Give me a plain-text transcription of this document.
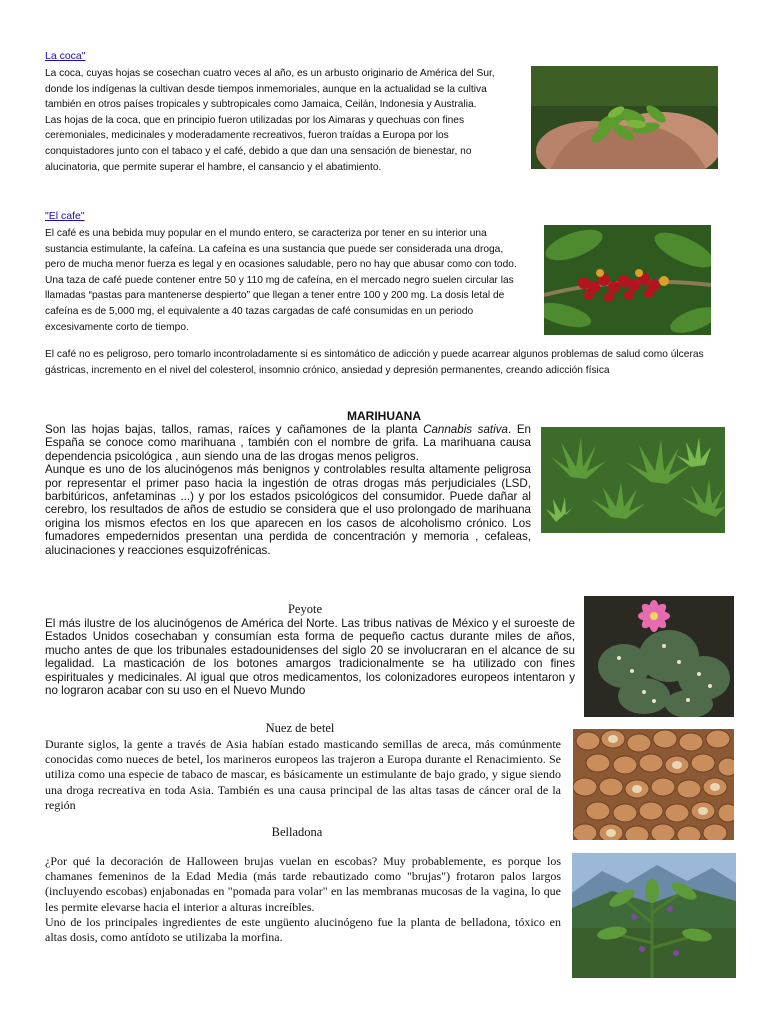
La coca"

La coca, cuyas hojas se cosechan cuatro veces al año, es un arbusto originario de América del Sur, donde los indígenas la cultivan desde tiempos inmemoriales, aunque en la actualidad se la cultiva también en otros países tropicales y subtropicales como Jamaica, Ceilán, Indonesia y Australia.

Las hojas de la coca, que en principio fueron utilizadas por los Aimaras y quechuas con fines ceremoniales, medicinales y moderadamente recreativos, fueron traídas a Europa por los conquistadores junto con el tabaco y el café, debido a que dan una sensación de bienestar, no alucinatoria, que permite superar el hambre, el cansancio y el abatimiento.

"El cafe"

El café es una bebida muy popular en el mundo entero, se caracteriza por tener en su interior una sustancia estimulante, la cafeína. La cafeína es una sustancia que puede ser considerada una droga, pero de mucha menor fuerza es legal y en ocasiones saludable, pero no hay que abusar como con todo.

Una taza de café puede contener entre 50 y 110 mg de cafeína, en el mercado negro suelen circular las llamadas “pastas para mantenerse despierto” que llegan a tener entre 100 y 200 mg. La dosis letal de cafeína es de 5,000 mg, el equivalente a 40 tazas cargadas de café consumidas en un periodo excesivamente corto de tiempo.

El café no es peligroso, pero tomarlo incontroladamente si es sintomático de adicción y puede acarrear algunos problemas de salud como úlceras gástricas, incremento en el nivel del colesterol, insomnio crónico, ansiedad y depresión permanentes, creando adicción física

MARIHUANA

Son las hojas bajas, tallos, ramas, raíces y cañamones de la planta Cannabis sativa. En España se conoce como marihuana , también con el nombre de grifa. La marihuana causa dependencia psicológica , aun siendo una de las drogas menos peligros.

Aunque es uno de los alucinógenos más benignos y controlables resulta altamente peligrosa por representar el primer paso hacia la ingestión de otras drogas más perjudiciales (LSD, barbitúricos, anfetaminas ...) y por los estados psicológicos del consumidor. Puede dañar al cerebro, los resultados de años de estudio se considera que el uso prolongado de marihuana origina los mismos efectos en los que aparecen en los casos de alcoholismo crónico. Los fumadores empedernidos presentan una perdida de concentración y memoria , cefaleas, alucinaciones y reacciones esquizofrénicas.

Peyote

El más ilustre de los alucinógenos de América del Norte. Las tribus nativas de México y el suroeste de Estados Unidos cosechaban y consumían esta forma de pequeño cactus durante miles de años, mucho antes de que los tribunales estadounidenses del siglo 20 se involucraran en el alcance de su legalidad. La masticación de los botones amargos tradicionalmente se ha utilizado con fines espirituales y medicinales. Al igual que otros medicamentos, los colonizadores europeos intentaron y no lograron acabar con su uso en el Nuevo Mundo

Nuez de betel

Durante siglos, la gente a través de Asia habían estado masticando semillas de areca, más comúnmente conocidas como nueces de betel, los marineros europeos las trajeron a Europa durante el Renacimiento. Se utiliza como una especie de tabaco de mascar, es básicamente un estimulante de bajo grado, y sigue siendo una droga recreativa en toda Asia. También es una causa principal de las altas tasas de cáncer oral de la región

Belladona

¿Por qué la decoración de Halloween brujas vuelan en escobas? Muy probablemente, es porque los chamanes femeninos de la Edad Media (más tarde rebautizado como "brujas") frotaron palos largos (incluyendo escobas) enjabonadas en "pomada para volar" en las membranas mucosas de la vagina, lo que les permite elevarse hacia el interior a alturas increíbles.

Uno de los principales ingredientes de este ungüento alucinógeno fue la planta de belladona, tóxico en altas dosis, como antídoto se utilizaba la morfina.
